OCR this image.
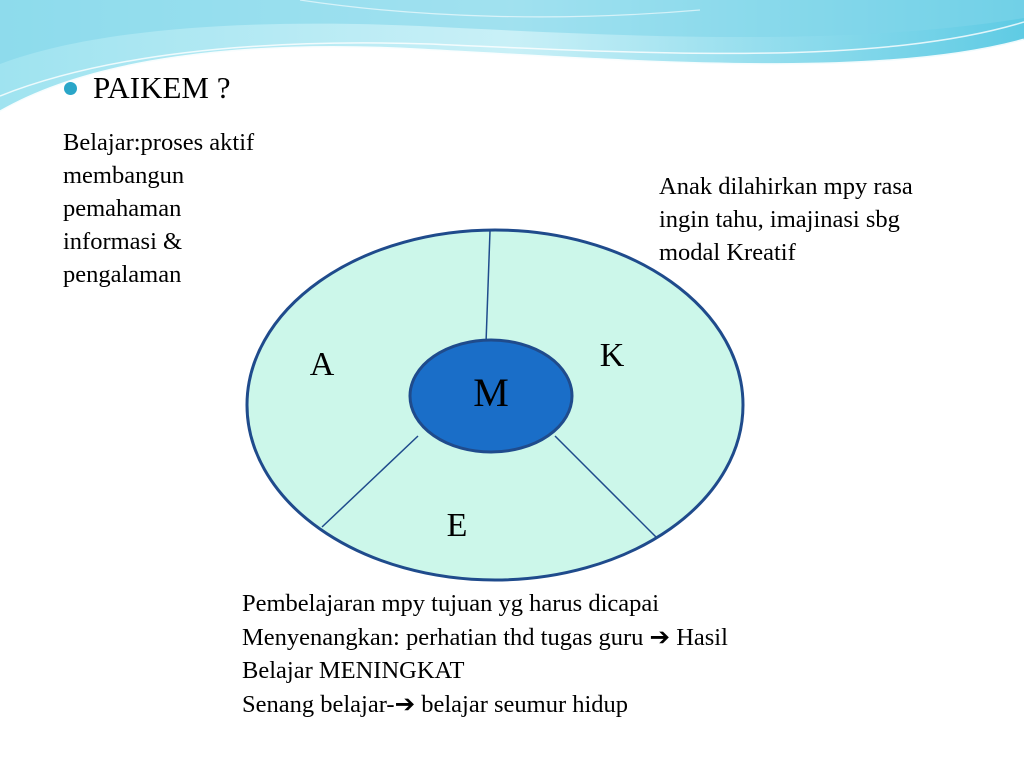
PAIKEM ?
Belajar:proses aktif
membangun
pemahaman
informasi &
pengalaman
Anak dilahirkan mpy rasa
ingin tahu, imajinasi sbg
modal Kreatif
M
A	K
E
Pembelajaran mpy tujuan yg harus dicapai
Menyenangkan: perhatian thd tugas guru ➔ Hasil
Belajar MENINGKAT
Senang belajar-➔ belajar seumur hidup
